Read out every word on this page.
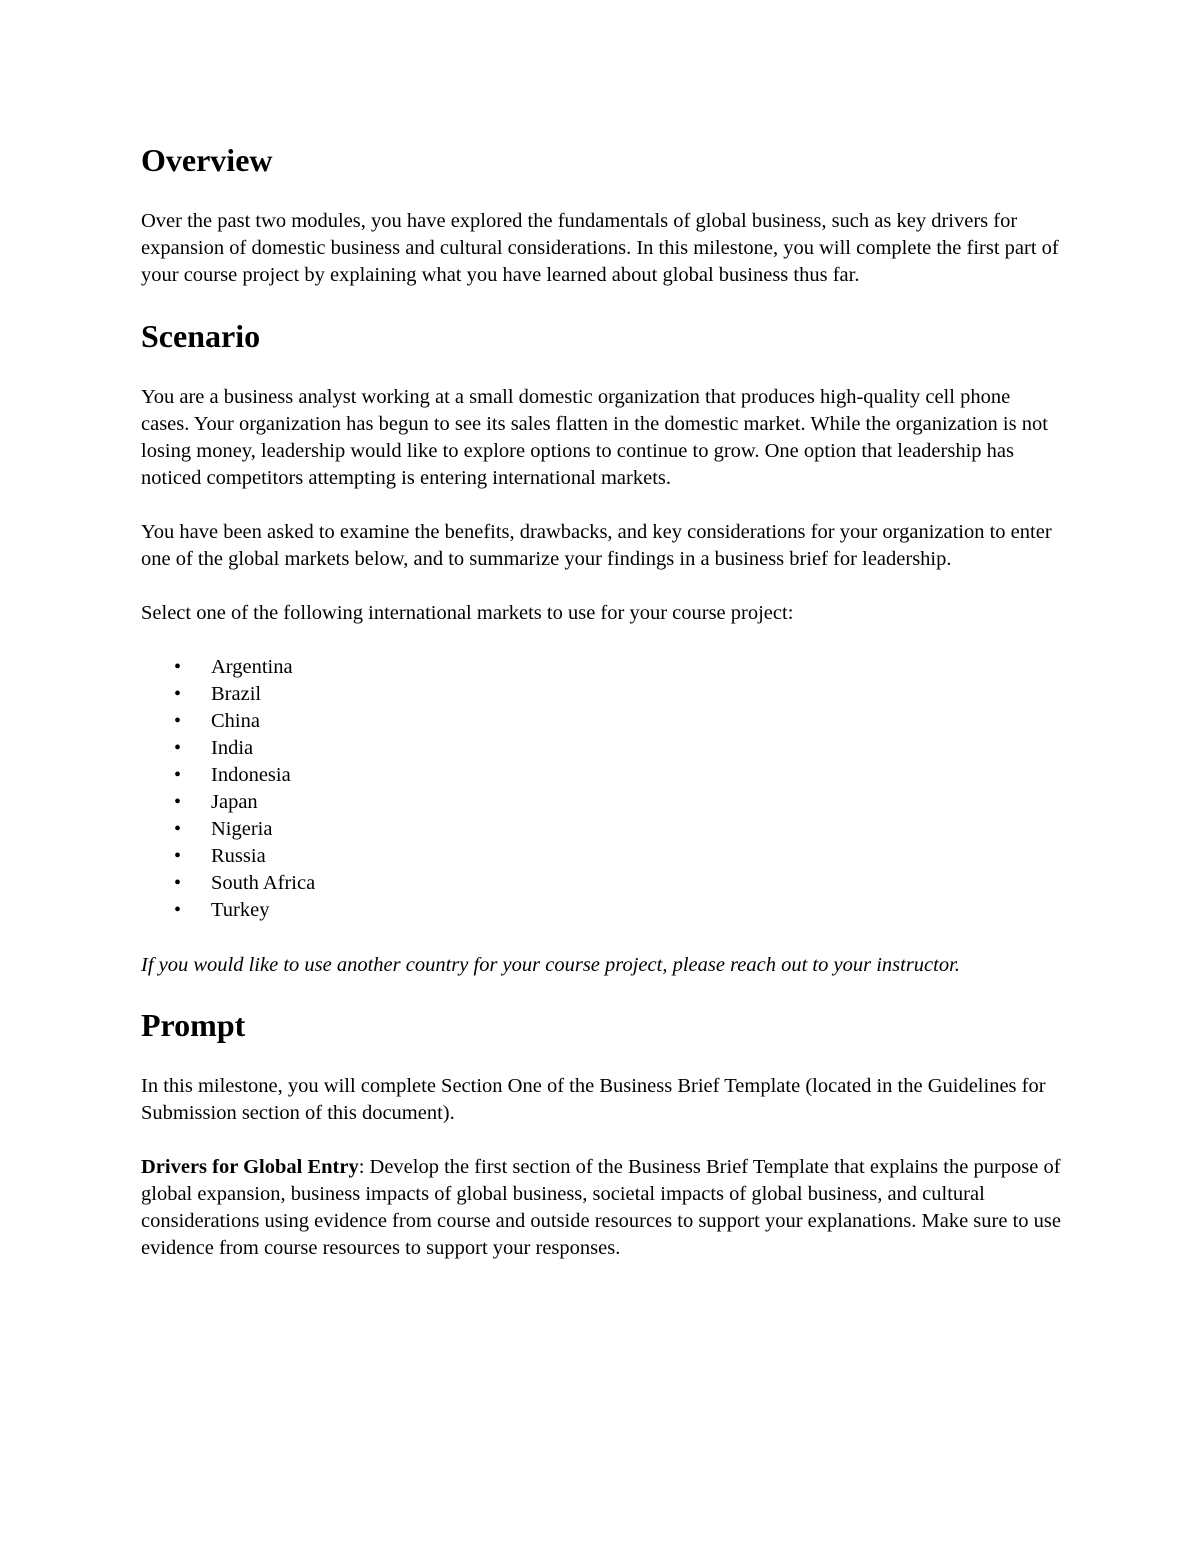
Overview

Over the past two modules, you have explored the fundamentals of global business, such as key drivers for expansion of domestic business and cultural considerations. In this milestone, you will complete the first part of your course project by explaining what you have learned about global business thus far.

Scenario

You are a business analyst working at a small domestic organization that produces high-quality cell phone cases. Your organization has begun to see its sales flatten in the domestic market. While the organization is not losing money, leadership would like to explore options to continue to grow. One option that leadership has noticed competitors attempting is entering international markets.

You have been asked to examine the benefits, drawbacks, and key considerations for your organization to enter one of the global markets below, and to summarize your findings in a business brief for leadership.

Select one of the following international markets to use for your course project:

• Argentina
• Brazil
• China
• India
• Indonesia
• Japan
• Nigeria
• Russia
• South Africa
• Turkey

If you would like to use another country for your course project, please reach out to your instructor.

Prompt

In this milestone, you will complete Section One of the Business Brief Template (located in the Guidelines for Submission section of this document).

Drivers for Global Entry: Develop the first section of the Business Brief Template that explains the purpose of global expansion, business impacts of global business, societal impacts of global business, and cultural considerations using evidence from course and outside resources to support your explanations. Make sure to use evidence from course resources to support your responses.
